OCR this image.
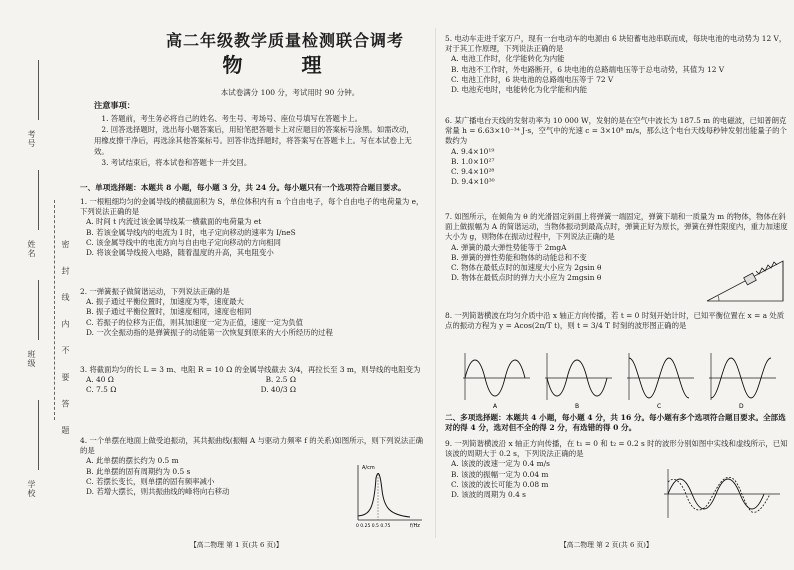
考号
姓名
班级
学校
密 封 线 内 不 要 答 题
高二年级教学质量检测联合调考
物 理
本试卷满分 100 分，考试用时 90 分钟。
注意事项：

1. 答题前，考生务必将自己的姓名、考生号、考场号、座位号填写在答题卡上。

2. 回答选择题时，选出每小题答案后，用铅笔把答题卡上对应题目的答案标号涂黑。如需改动，用橡皮擦干净后，再选涂其他答案标号。回答非选择题时，将答案写在答题卡上。写在本试卷上无效。

3. 考试结束后，将本试卷和答题卡一并交回。

一、单项选择题：本题共 8 小题，每小题 3 分，共 24 分。每小题只有一个选项符合题目要求。

1. 一根粗细均匀的金属导线的横截面积为 S，单位体积内有 n 个自由电子，每个自由电子的电荷量为 e，下列说法正确的是

A. 时间 t 内流过该金属导线某一横截面的电荷量为 et

B. 若该金属导线内的电流为 I 时，电子定向移动的速率为 I/neS

C. 该金属导线中的电流方向与自由电子定向移动的方向相同

D. 将该金属导线接入电路，随着温度的升高，其电阻变小

2. 一弹簧振子做简谐运动，下列说法正确的是

A. 振子通过平衡位置时，加速度为零，速度最大

B. 振子通过平衡位置时，加速度相同，速度也相同

C. 若振子的位移为正值，则其加速度一定为正值，速度一定为负值

D. 一次全振动指的是弹簧振子的动能第一次恢复到原来的大小所经历的过程

3. 将截面均匀的长 L = 3 m、电阻 R = 10 Ω 的金属导线截去 3/4，再拉长至 3 m，则导线的电阻变为

A. 40 Ω	B. 2.5 Ω
C. 7.5 Ω	D. 40/3 Ω

4. 一个单摆在地面上做受迫振动，其共振曲线(振幅 A 与驱动力频率 f 的关系)如图所示，则下列说法正确的是

A. 此单摆的摆长约为 0.5 m

B. 此单摆的固有周期约为 0.5 s

C. 若摆长变长，则单摆的固有频率减小

D. 若增大摆长，则共振曲线的峰将向右移动

A/cm
f/Hz
0 0.25 0.5 0.75
【高二物理 第 1 页(共 6 页)】

5. 电动车走进千家万户，现有一台电动车的电源由 6 块铅蓄电池串联而成，每块电池的电动势为 12 V，对于其工作原理，下列说法正确的是

A. 电池工作时，化学能转化为内能

B. 电池不工作时，外电路断开，6 块电池的总路端电压等于总电动势，其值为 12 V

C. 电池工作时，6 块电池的总路端电压等于 72 V

D. 电池充电时，电能转化为化学能和内能

6. 某广播电台天线的发射功率为 10 000 W，发射的是在空气中波长为 187.5 m 的电磁波，已知普朗克常量 h = 6.63×10⁻³⁴ J·s，空气中的光速 c = 3×10⁸ m/s，那么这个电台天线每秒钟发射出能量子的个数约为

A. 9.4×10¹⁹

B. 1.0×10²⁷

C. 9.4×10²⁸

D. 9.4×10³⁰

7. 如图所示，在倾角为 θ 的光滑固定斜面上将弹簧一端固定，弹簧下端和一质量为 m 的物体，物体在斜面上做振幅为 A 的简谐运动，当物体振动到最高点时，弹簧正好为原长，弹簧在弹性限度内，重力加速度大小为 g，则物体在振动过程中，下列说法正确的是

A. 弹簧的最大弹性势能等于 2mgA

B. 弹簧的弹性势能和物体的动能总和不变

C. 物体在最低点时的加速度大小应为 2gsin θ

D. 物体在最低点时的弹力大小应为 2mgsin θ

8. 一列简谐横波在均匀介质中沿 x 轴正方向传播，若 t = 0 时刻开始计时，已知平衡位置在 x = a 处质点的振动方程为 y = Acos(2π/T t)，则 t = 3/4 T 时刻的波形图正确的是

A	B	C	D

二、多项选择题：本题共 4 小题，每小题 4 分，共 16 分。每小题有多个选项符合题目要求。全部选对的得 4 分，选对但不全的得 2 分，有选错的得 0 分。

9. 一列简谐横波沿 x 轴正方向传播，在 t₁ = 0 和 t₂ = 0.2 s 时的波形分别如图中实线和虚线所示，已知该波的周期大于 0.2 s，下列说法正确的是

A. 该波的波速一定为 0.4 m/s

B. 该波的振幅一定为 0.04 m

C. 该波的波长可能为 0.08 m

D. 该波的周期为 0.4 s

【高二物理 第 2 页(共 6 页)】
